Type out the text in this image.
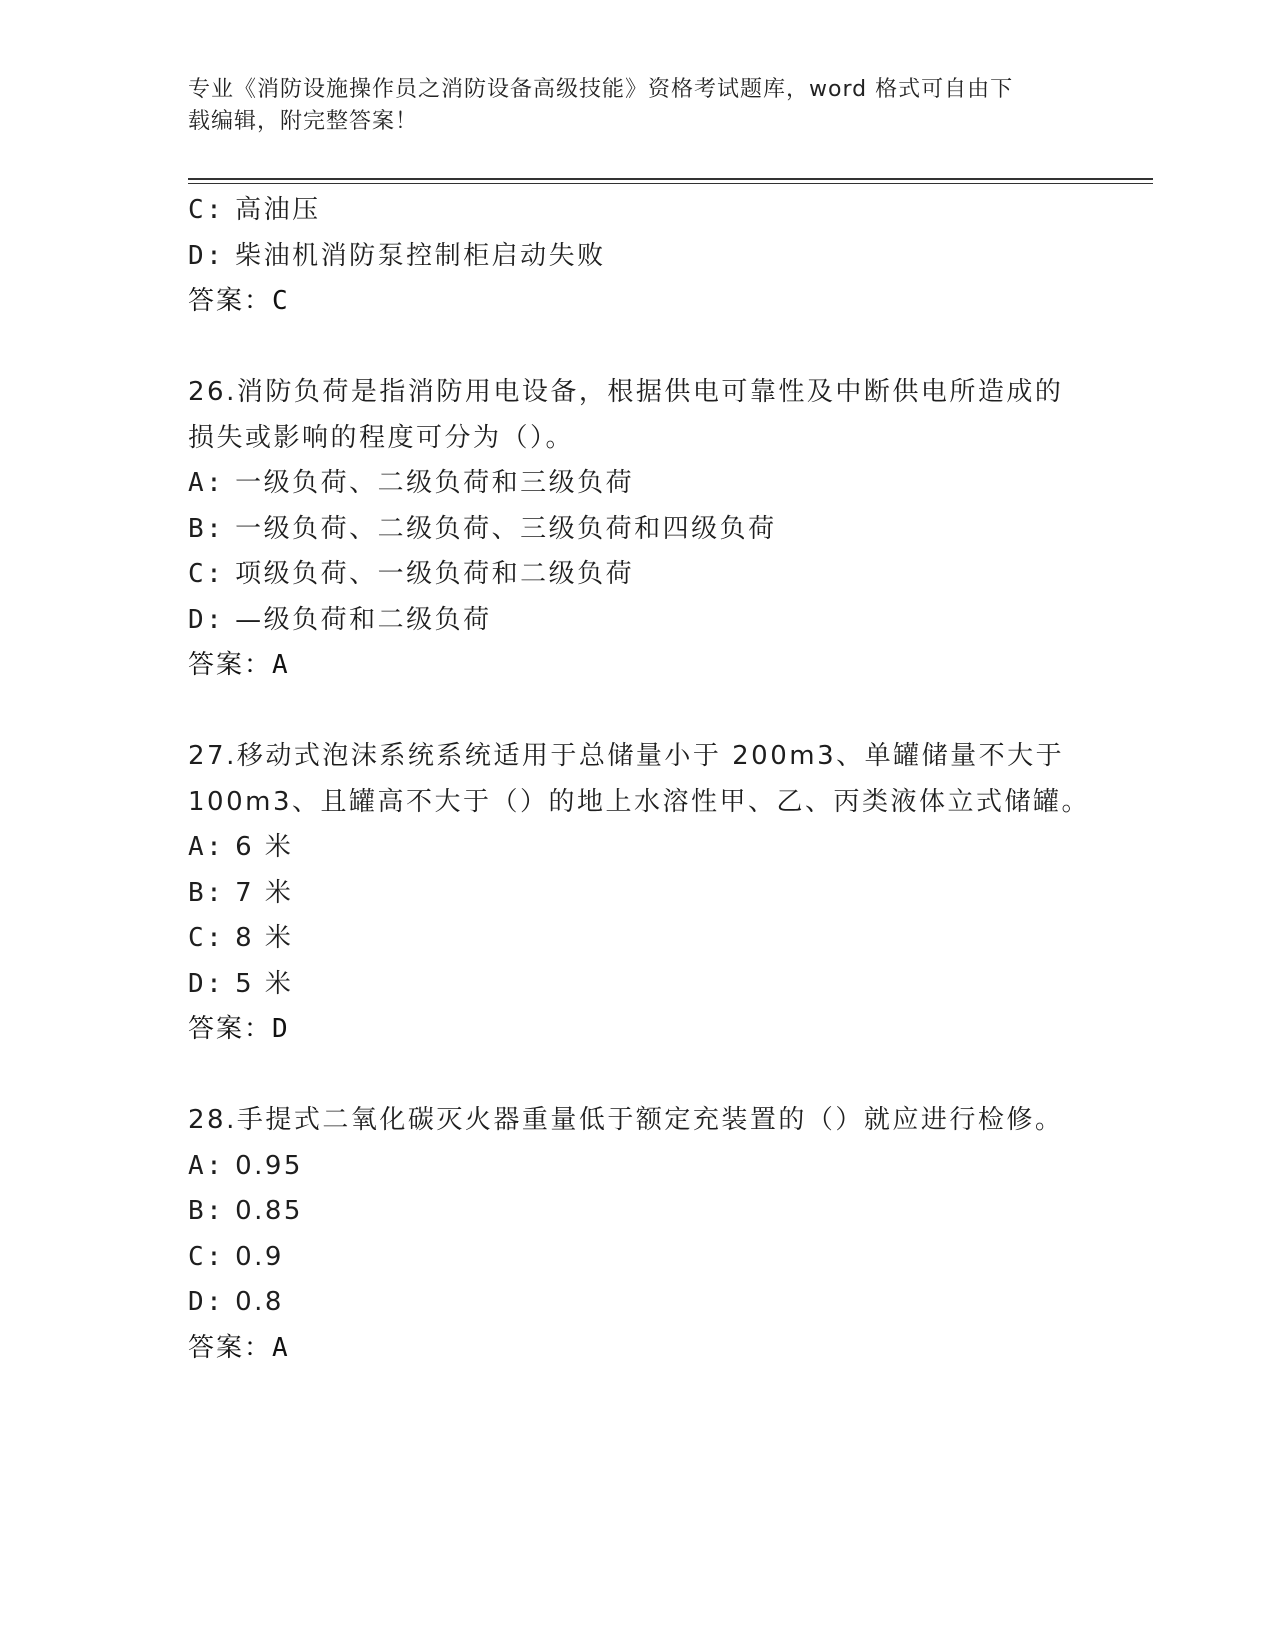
专业《消防设施操作员之消防设备高级技能》资格考试题库，word 格式可自由下
载编辑，附完整答案！
C: 高油压
D: 柴油机消防泵控制柜启动失败
答案：C
26.消防负荷是指消防用电设备，根据供电可靠性及中断供电所造成的
损失或影响的程度可分为（）。
A: 一级负荷、二级负荷和三级负荷
B: 一级负荷、二级负荷、三级负荷和四级负荷
C: 项级负荷、一级负荷和二级负荷
D: —级负荷和二级负荷
答案：A
27.移动式泡沫系统系统适用于总储量小于 200m3、单罐储量不大于
100m3、且罐高不大于（）的地上水溶性甲、乙、丙类液体立式储罐。
A: 6 米
B: 7 米
C: 8 米
D: 5 米
答案：D
28.手提式二氧化碳灭火器重量低于额定充装置的（）就应进行检修。
A: 0.95
B: 0.85
C: 0.9
D: 0.8
答案：A
